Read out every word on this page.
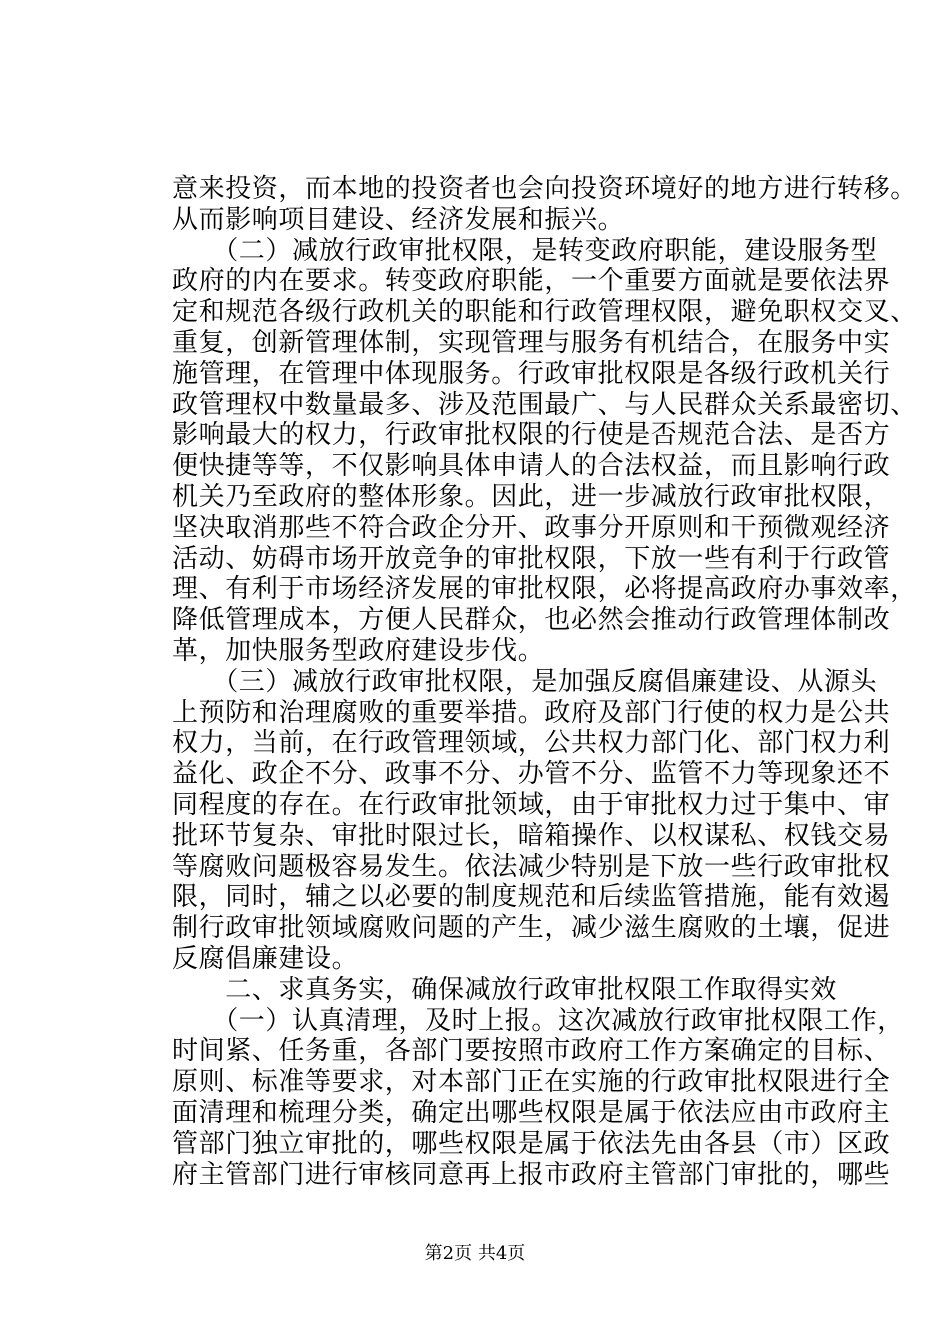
意来投资，而本地的投资者也会向投资环境好的地方进行转移。
从而影响项目建设、经济发展和振兴。
　　（二）减放行政审批权限，是转变政府职能，建设服务型
政府的内在要求。转变政府职能，一个重要方面就是要依法界
定和规范各级行政机关的职能和行政管理权限，避免职权交叉、
重复，创新管理体制，实现管理与服务有机结合，在服务中实
施管理，在管理中体现服务。行政审批权限是各级行政机关行
政管理权中数量最多、涉及范围最广、与人民群众关系最密切、
影响最大的权力，行政审批权限的行使是否规范合法、是否方
便快捷等等，不仅影响具体申请人的合法权益，而且影响行政
机关乃至政府的整体形象。因此，进一步减放行政审批权限，
坚决取消那些不符合政企分开、政事分开原则和干预微观经济
活动、妨碍市场开放竞争的审批权限，下放一些有利于行政管
理、有利于市场经济发展的审批权限，必将提高政府办事效率，
降低管理成本，方便人民群众，也必然会推动行政管理体制改
革，加快服务型政府建设步伐。
　　（三）减放行政审批权限，是加强反腐倡廉建设、从源头
上预防和治理腐败的重要举措。政府及部门行使的权力是公共
权力，当前，在行政管理领域，公共权力部门化、部门权力利
益化、政企不分、政事不分、办管不分、监管不力等现象还不
同程度的存在。在行政审批领域，由于审批权力过于集中、审
批环节复杂、审批时限过长，暗箱操作、以权谋私、权钱交易
等腐败问题极容易发生。依法减少特别是下放一些行政审批权
限，同时，辅之以必要的制度规范和后续监管措施，能有效遏
制行政审批领域腐败问题的产生，减少滋生腐败的土壤，促进
反腐倡廉建设。
　　二、求真务实，确保减放行政审批权限工作取得实效
　　（一）认真清理，及时上报。这次减放行政审批权限工作，
时间紧、任务重，各部门要按照市政府工作方案确定的目标、
原则、标准等要求，对本部门正在实施的行政审批权限进行全
面清理和梳理分类，确定出哪些权限是属于依法应由市政府主
管部门独立审批的，哪些权限是属于依法先由各县（市）区政
府主管部门进行审核同意再上报市政府主管部门审批的，哪些
第2页 共4页
